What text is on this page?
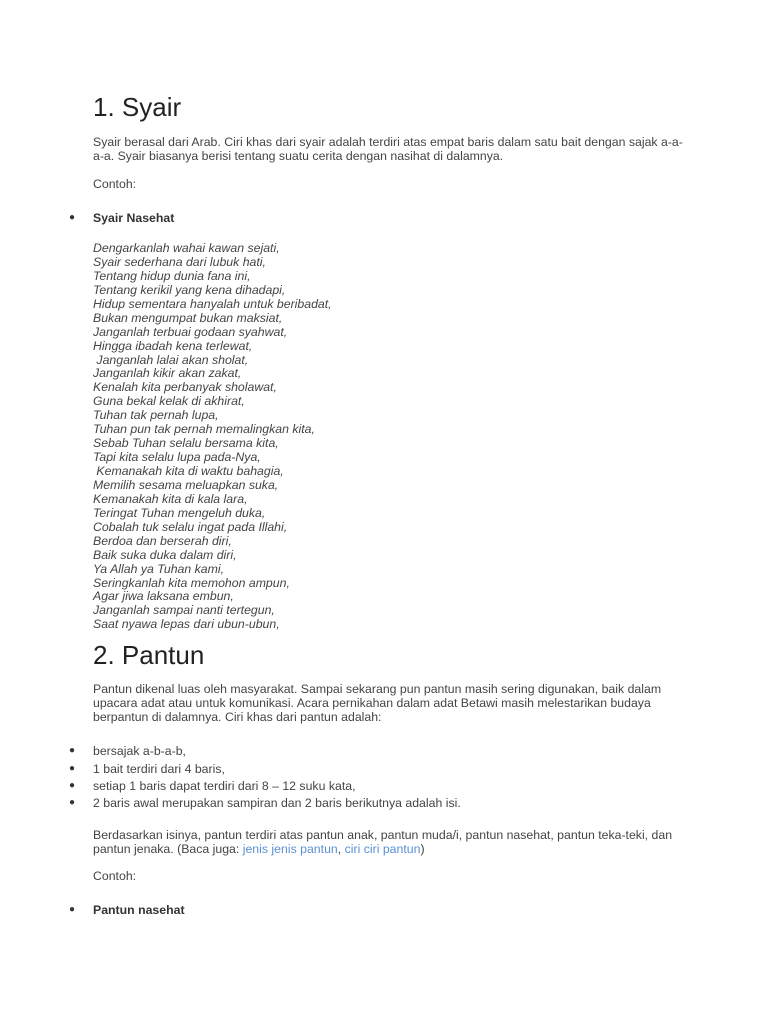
1. Syair
Syair berasal dari Arab. Ciri khas dari syair adalah terdiri atas empat baris dalam satu bait dengan sajak a-a-a-a. Syair biasanya berisi tentang suatu cerita dengan nasihat di dalamnya.
Contoh:
● Syair Nasehat
Dengarkanlah wahai kawan sejati,
Syair sederhana dari lubuk hati,
Tentang hidup dunia fana ini,
Tentang kerikil yang kena dihadapi,
Hidup sementara hanyalah untuk beribadat,
Bukan mengumpat bukan maksiat,
Janganlah terbuai godaan syahwat,
Hingga ibadah kena terlewat,
Janganlah lalai akan sholat,
Janganlah kikir akan zakat,
Kenalah kita perbanyak sholawat,
Guna bekal kelak di akhirat,
Tuhan tak pernah lupa,
Tuhan pun tak pernah memalingkan kita,
Sebab Tuhan selalu bersama kita,
Tapi kita selalu lupa pada-Nya,
Kemanakah kita di waktu bahagia,
Memilih sesama meluapkan suka,
Kemanakah kita di kala lara,
Teringat Tuhan mengeluh duka,
Cobalah tuk selalu ingat pada Illahi,
Berdoa dan berserah diri,
Baik suka duka dalam diri,
Ya Allah ya Tuhan kami,
Seringkanlah kita memohon ampun,
Agar jiwa laksana embun,
Janganlah sampai nanti tertegun,
Saat nyawa lepas dari ubun-ubun,
2. Pantun
Pantun dikenal luas oleh masyarakat. Sampai sekarang pun pantun masih sering digunakan, baik dalam upacara adat atau untuk komunikasi. Acara pernikahan dalam adat Betawi masih melestarikan budaya berpantun di dalamnya. Ciri khas dari pantun adalah:
● bersajak a-b-a-b,
● 1 bait terdiri dari 4 baris,
● setiap 1 baris dapat terdiri dari 8 – 12 suku kata,
● 2 baris awal merupakan sampiran dan 2 baris berikutnya adalah isi.
Berdasarkan isinya, pantun terdiri atas pantun anak, pantun muda/i, pantun nasehat, pantun teka-teki, dan pantun jenaka. (Baca juga: jenis jenis pantun, ciri ciri pantun)
Contoh:
● Pantun nasehat
